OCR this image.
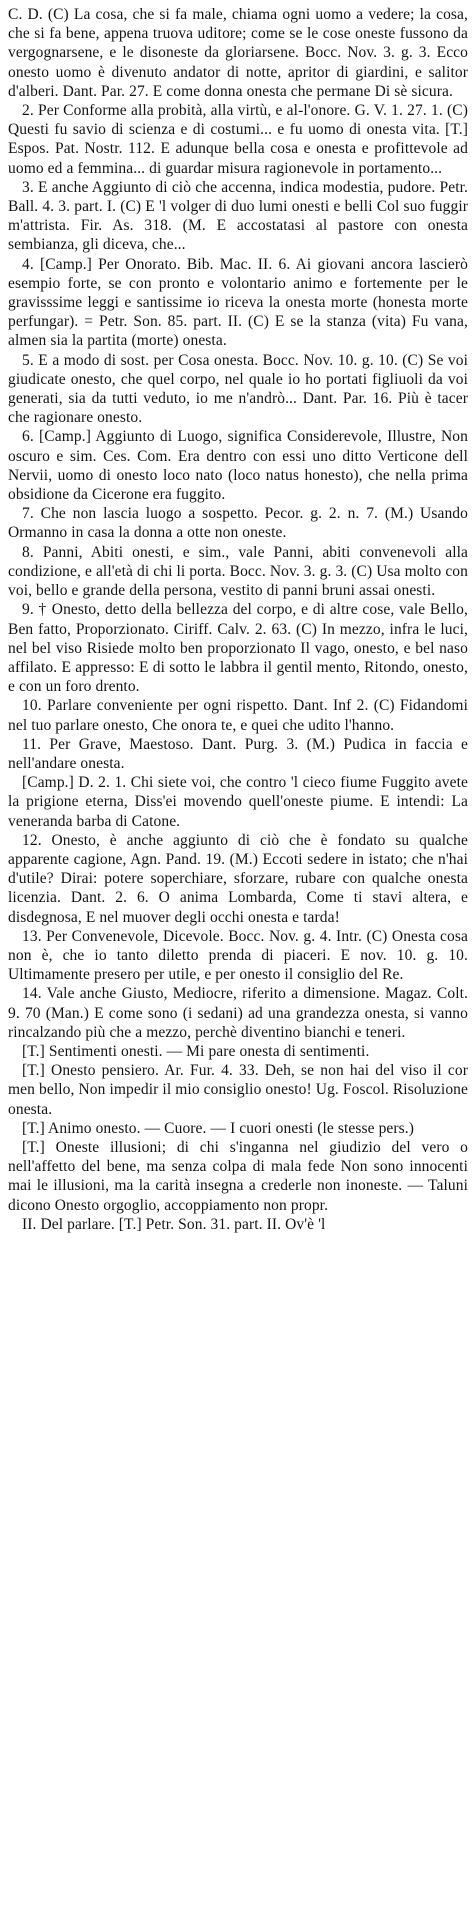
C. D. (C) La cosa, che si fa male, chiama ogni uomo a vedere; la cosa, che si fa bene, appena truova uditore; come se le cose oneste fussono da vergognarsene, e le disoneste da gloriarsene. Bocc. Nov. 3. g. 3. Ecco onesto uomo è divenuto andator di notte, apritor di giardini, e salitor d'alberi. Dant. Par. 27. E come donna onesta che permane Di sè sicura.

2. Per Conforme alla probità, alla virtù, e al-l'onore. G. V. 1. 27. 1. (C) Questi fu savio di scienza e di costumi... e fu uomo di onesta vita. [T.] Espos. Pat. Nostr. 112. E adunque bella cosa e onesta e profittevole ad uomo ed a femmina... di guardar misura ragionevole in portamento...

3. E anche Aggiunto di ciò che accenna, indica modestia, pudore. Petr. Ball. 4. 3. part. I. (C) E 'l volger di duo lumi onesti e belli Col suo fuggir m'attrista. Fir. As. 318. (M. E accostatasi al pastore con onesta sembianza, gli diceva, che...

4. [Camp.] Per Onorato. Bib. Mac. II. 6. Ai giovani ancora lascierò esempio forte, se con pronto e volontario animo e fortemente per le gravisssime leggi e santissime io riceva la onesta morte (honesta morte perfungar). = Petr. Son. 85. part. II. (C) E se la stanza (vita) Fu vana, almen sia la partita (morte) onesta.

5. E a modo di sost. per Cosa onesta. Bocc. Nov. 10. g. 10. (C) Se voi giudicate onesto, che quel corpo, nel quale io ho portati figliuoli da voi generati, sia da tutti veduto, io me n'andrò... Dant. Par. 16. Più è tacer che ragionare onesto.

6. [Camp.] Aggiunto di Luogo, significa Considerevole, Illustre, Non oscuro e sim. Ces. Com. Era dentro con essi uno ditto Verticone dell Nervii, uomo di onesto loco nato (loco natus honesto), che nella prima obsidione da Cicerone era fuggito.

7. Che non lascia luogo a sospetto. Pecor. g. 2. n. 7. (M.) Usando Ormanno in casa la donna a otte non oneste.

8. Panni, Abiti onesti, e sim., vale Panni, abiti convenevoli alla condizione, e all'età di chi li porta. Bocc. Nov. 3. g. 3. (C) Usa molto con voi, bello e grande della persona, vestito di panni bruni assai onesti.

9. † Onesto, detto della bellezza del corpo, e di altre cose, vale Bello, Ben fatto, Proporzionato. Ciriff. Calv. 2. 63. (C) In mezzo, infra le luci, nel bel viso Risiede molto ben proporzionato Il vago, onesto, e bel naso affilato. E appresso: E di sotto le labbra il gentil mento, Ritondo, onesto, e con un foro drento.

10. Parlare conveniente per ogni rispetto. Dant. Inf 2. (C) Fidandomi nel tuo parlare onesto, Che onora te, e quei che udito l'hanno.

11. Per Grave, Maestoso. Dant. Purg. 3. (M.) Pudica in faccia e nell'andare onesta.

[Camp.] D. 2. 1. Chi siete voi, che contro 'l cieco fiume Fuggito avete la prigione eterna, Diss'ei movendo quell'oneste piume. E intendi: La veneranda barba di Catone.

12. Onesto, è anche aggiunto di ciò che è fondato su qualche apparente cagione, Agn. Pand. 19. (M.) Eccoti sedere in istato; che n'hai d'utile? Dirai: potere soperchiare, sforzare, rubare con qualche onesta licenzia. Dant. 2. 6. O anima Lombarda, Come ti stavi altera, e disdegnosa, E nel muover degli occhi onesta e tarda!

13. Per Convenevole, Dicevole. Bocc. Nov. g. 4. Intr. (C) Onesta cosa non è, che io tanto diletto prenda di piaceri. E nov. 10. g. 10. Ultimamente presero per utile, e per onesto il consiglio del Re.

14. Vale anche Giusto, Mediocre, riferito a dimensione. Magaz. Colt. 9. 70 (Man.) E come sono (i sedani) ad una grandezza onesta, si vanno rincalzando più che a mezzo, perchè diventino bianchi e teneri.

[T.] Sentimenti onesti. — Mi pare onesta di sentimenti.

[T.] Onesto pensiero. Ar. Fur. 4. 33. Deh, se non hai del viso il cor men bello, Non impedir il mio consiglio onesto! Ug. Foscol. Risoluzione onesta.

[T.] Animo onesto. — Cuore. — I cuori onesti (le stesse pers.)

[T.] Oneste illusioni; di chi s'inganna nel giudizio del vero o nell'affetto del bene, ma senza colpa di mala fede Non sono innocenti mai le illusioni, ma la carità insegna a crederle non inoneste. — Taluni dicono Onesto orgoglio, accoppiamento non propr.

II. Del parlare. [T.] Petr. Son. 31. part. II. Ov'è 'l
